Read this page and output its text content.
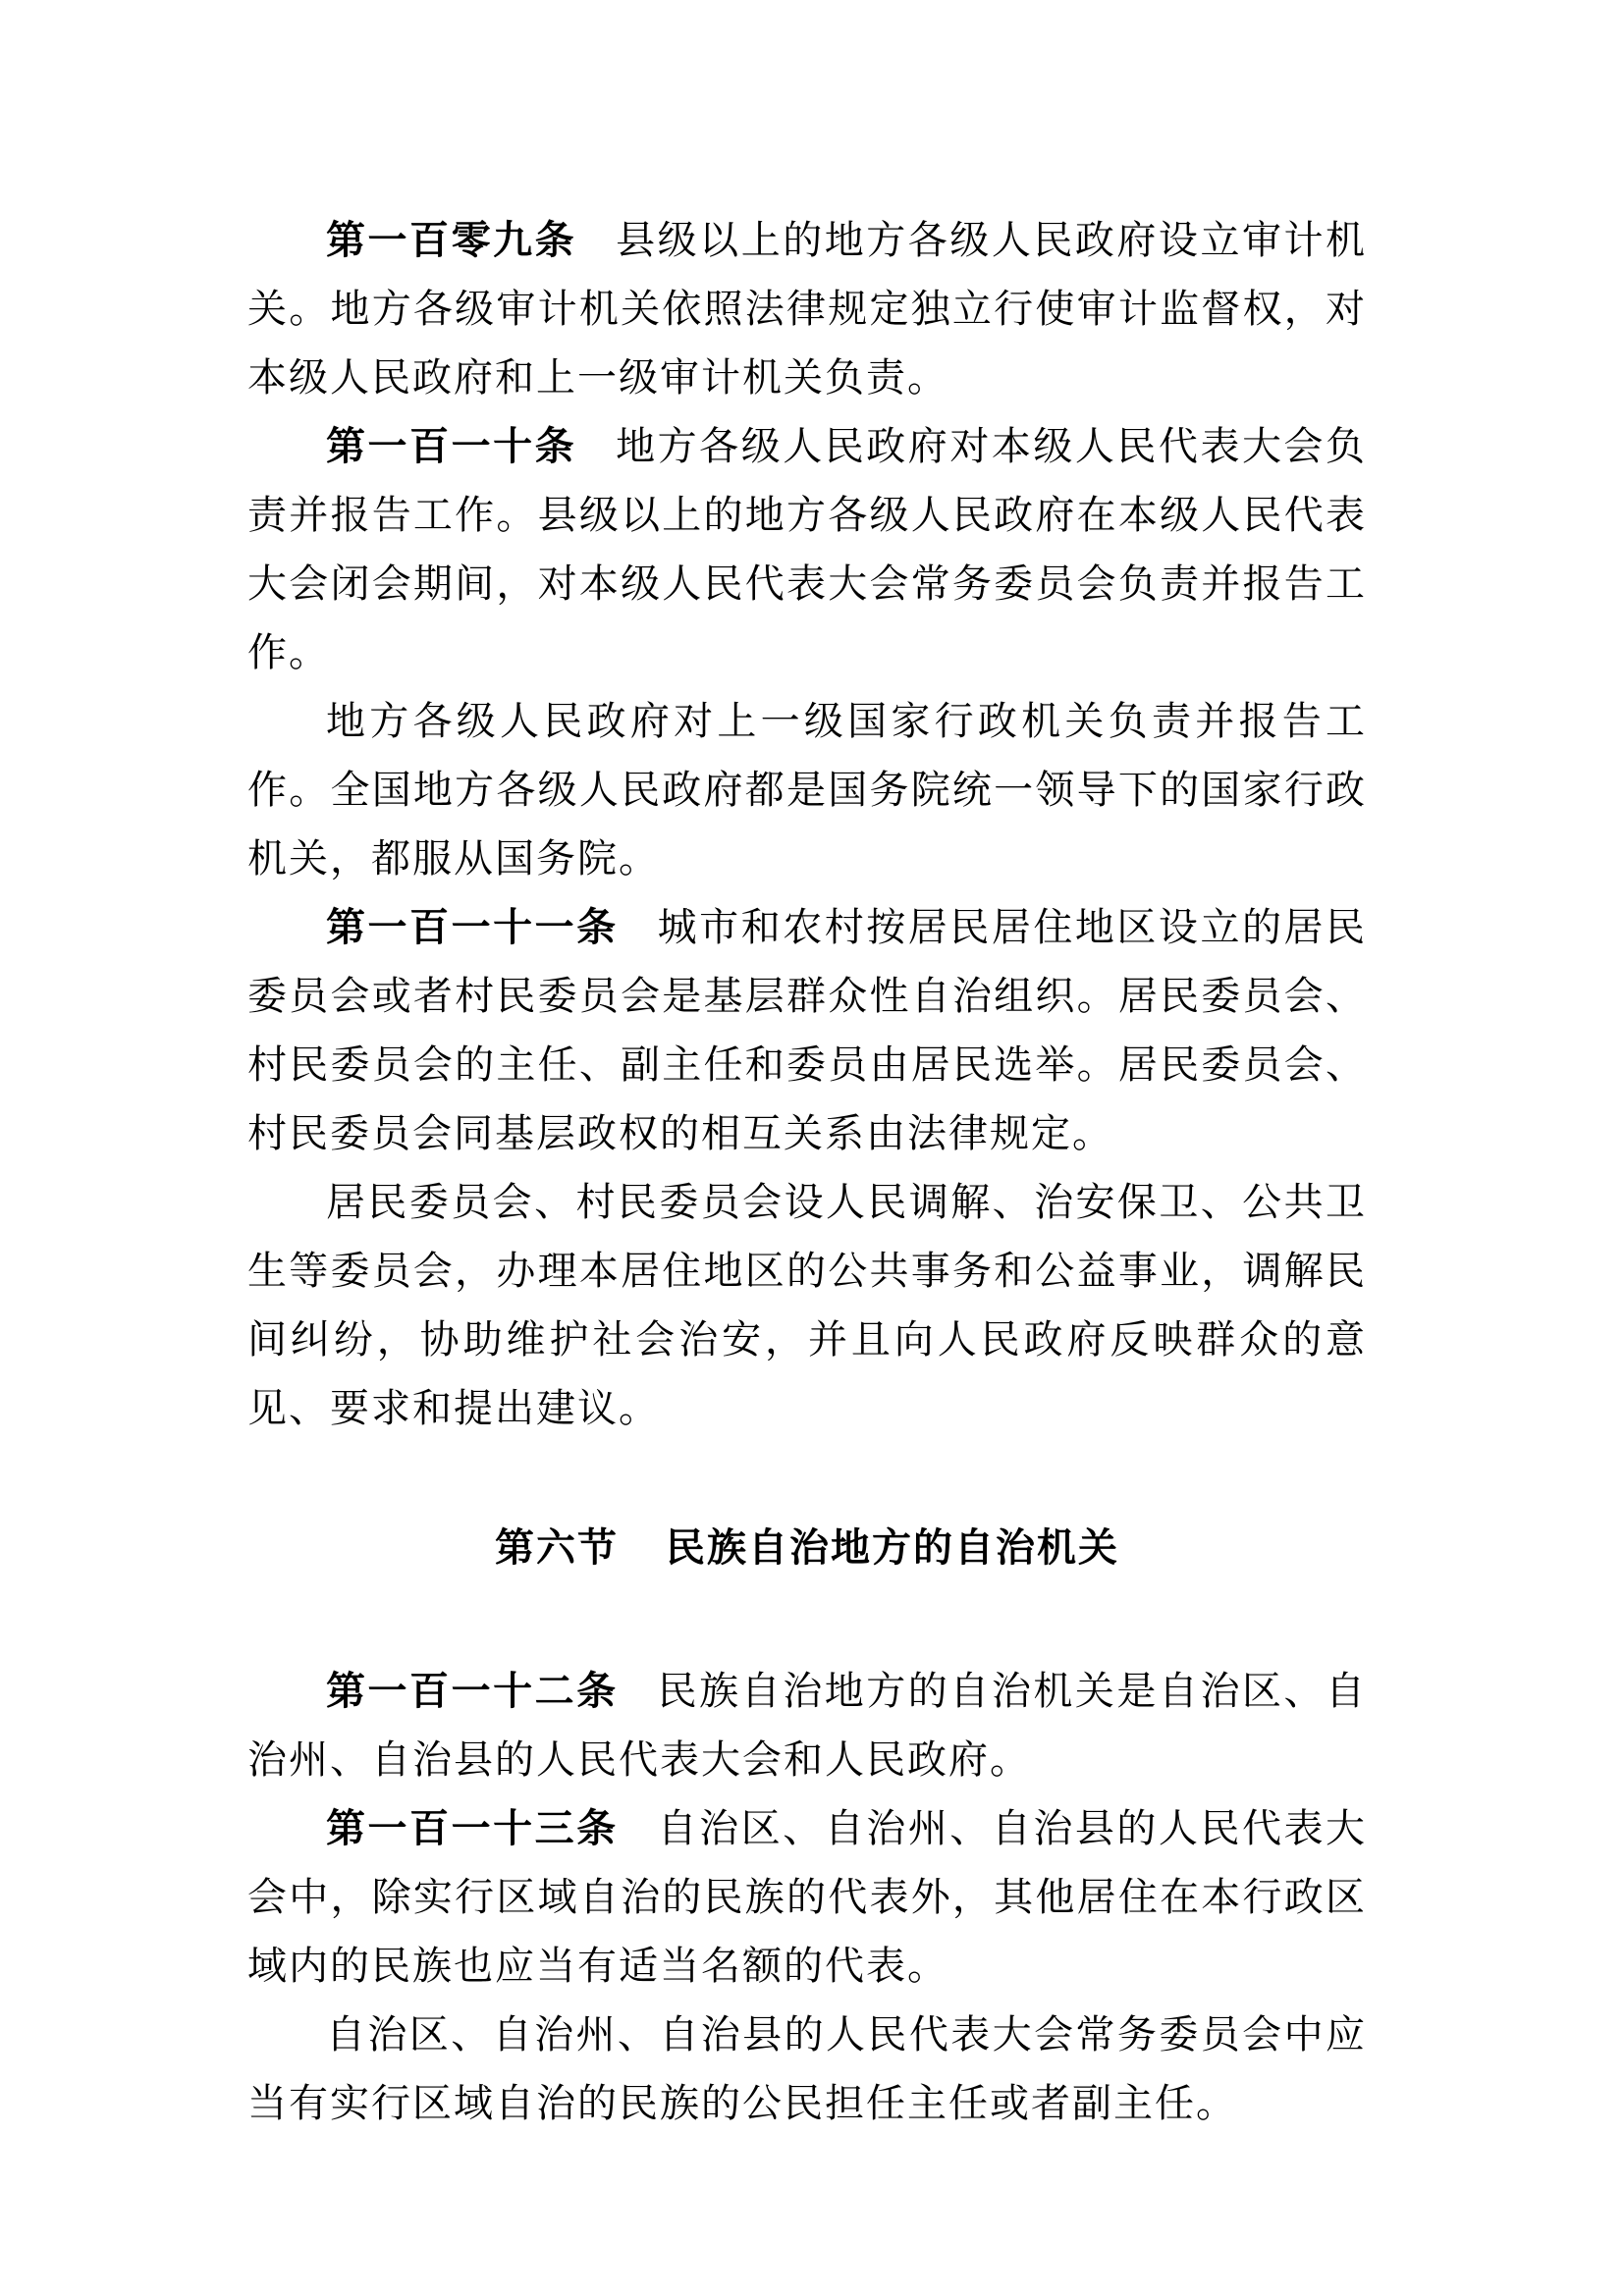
第一百零九条 县级以上的地方各级人民政府设立审计机关。地方各级审计机关依照法律规定独立行使审计监督权，对本级人民政府和上一级审计机关负责。

第一百一十条 地方各级人民政府对本级人民代表大会负责并报告工作。县级以上的地方各级人民政府在本级人民代表大会闭会期间，对本级人民代表大会常务委员会负责并报告工作。

地方各级人民政府对上一级国家行政机关负责并报告工作。全国地方各级人民政府都是国务院统一领导下的国家行政机关，都服从国务院。

第一百一十一条 城市和农村按居民居住地区设立的居民委员会或者村民委员会是基层群众性自治组织。居民委员会、村民委员会的主任、副主任和委员由居民选举。居民委员会、村民委员会同基层政权的相互关系由法律规定。

居民委员会、村民委员会设人民调解、治安保卫、公共卫生等委员会，办理本居住地区的公共事务和公益事业，调解民间纠纷，协助维护社会治安，并且向人民政府反映群众的意见、要求和提出建议。

第六节 民族自治地方的自治机关

第一百一十二条 民族自治地方的自治机关是自治区、自治州、自治县的人民代表大会和人民政府。

第一百一十三条 自治区、自治州、自治县的人民代表大会中，除实行区域自治的民族的代表外，其他居住在本行政区域内的民族也应当有适当名额的代表。

自治区、自治州、自治县的人民代表大会常务委员会中应当有实行区域自治的民族的公民担任主任或者副主任。
